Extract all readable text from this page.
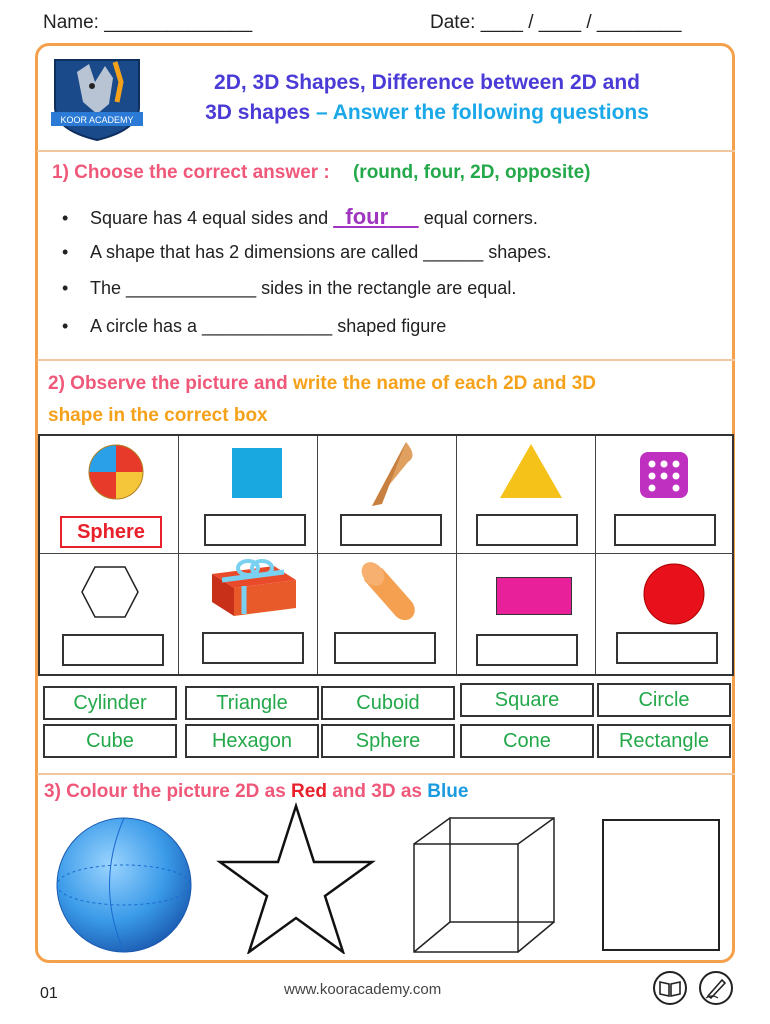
Name: ______________	Date: ____ / ____ / ________
KOOR ACADEMY
2D, 3D Shapes, Difference between 2D and
3D shapes – Answer the following questions
1) Choose the correct answer : (round, four, 2D, opposite)
• Square has 4 equal sides and   four      equal corners.
• A shape that has 2 dimensions are called ______ shapes.
• The _____________ sides in the rectangle are equal.
• A circle has a _____________ shaped figure
2) Observe the picture and write the name of each 2D and 3D
shape in the correct box
Sphere
Cylinder	Triangle	Cuboid	Square	Circle
Cube	Hexagon	Sphere	Cone	Rectangle
3) Colour the picture 2D as Red and 3D as Blue
01	www.kooracademy.com
